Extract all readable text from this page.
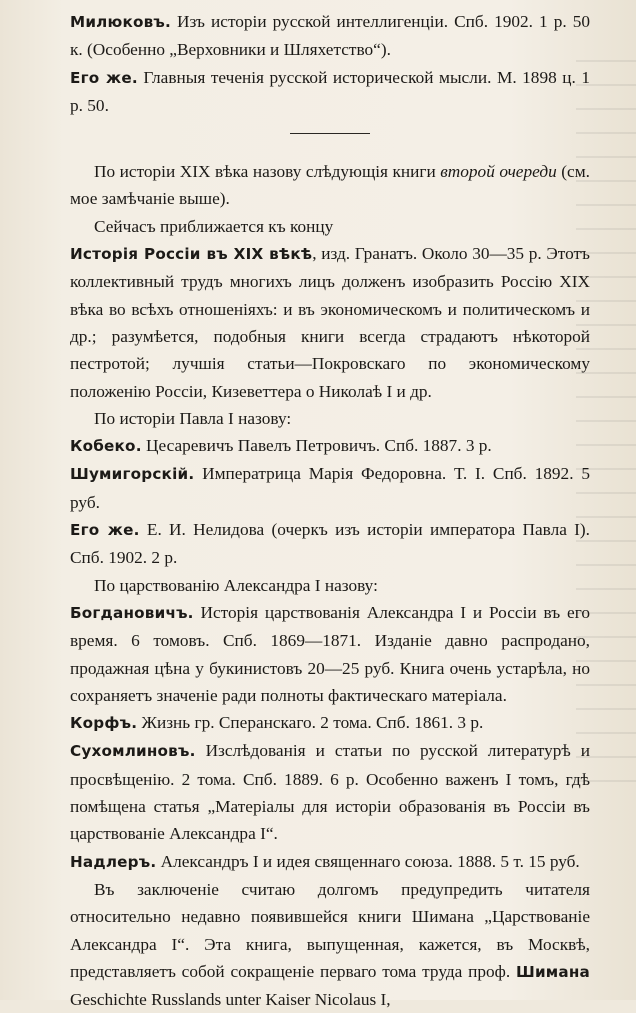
Милюковъ. Изъ исторіи русской интеллигенціи. Спб. 1902. 1 р. 50 к. (Особенно „Верховники и Шляхетство“).

Его же. Главныя теченія русской исторической мысли. М. 1898 ц. 1 р. 50.

По исторіи XIX вѣка назову слѣдующія книги второй очереди (см. мое замѣчаніе выше).

Сейчасъ приближается къ концу

Исторія Россіи въ XIX вѣкѣ, изд. Гранатъ. Около 30—35 р. Этотъ коллективный трудъ многихъ лицъ долженъ изобразить Россію XIX вѣка во всѣхъ отношеніяхъ: и въ экономическомъ и политическомъ и др.; разумѣется, подобныя книги всегда страдаютъ нѣкоторой пестротой; лучшія статьи—Покровскаго по экономическому положенію Россіи, Кизеветтера о Николаѣ I и др.

По исторіи Павла I назову:

Кобеко. Цесаревичъ Павелъ Петровичъ. Спб. 1887. 3 р.

Шумигорскій. Императрица Марія Федоровна. Т. I. Спб. 1892. 5 руб.

Его же. Е. И. Нелидова (очеркъ изъ исторіи императора Павла I). Спб. 1902. 2 р.

По царствованію Александра I назову:

Богдановичъ. Исторія царствованія Александра I и Россіи въ его время. 6 томовъ. Спб. 1869—1871. Изданіе давно распродано, продажная цѣна у букинистовъ 20—25 руб. Книга очень устарѣла, но сохраняетъ значеніе ради полноты фактическаго матеріала.

Корфъ. Жизнь гр. Сперанскаго. 2 тома. Спб. 1861. 3 р.

Сухомлиновъ. Изслѣдованія и статьи по русской литературѣ и просвѣщенію. 2 тома. Спб. 1889. 6 р. Особенно важенъ I томъ, гдѣ помѣщена статья „Матеріалы для исторіи образованія въ Россіи въ царствованіе Александра I“.

Надлеръ. Александръ I и идея священнаго союза. 1888. 5 т. 15 руб.

Въ заключеніе считаю долгомъ предупредить читателя относительно недавно появившейся книги Шимана „Царствованіе Александра I“. Эта книга, выпущенная, кажется, въ Москвѣ, представляетъ собой сокращеніе перваго тома труда проф. Шимана Geschichte Russlands unter Kaiser Nicolaus I,
